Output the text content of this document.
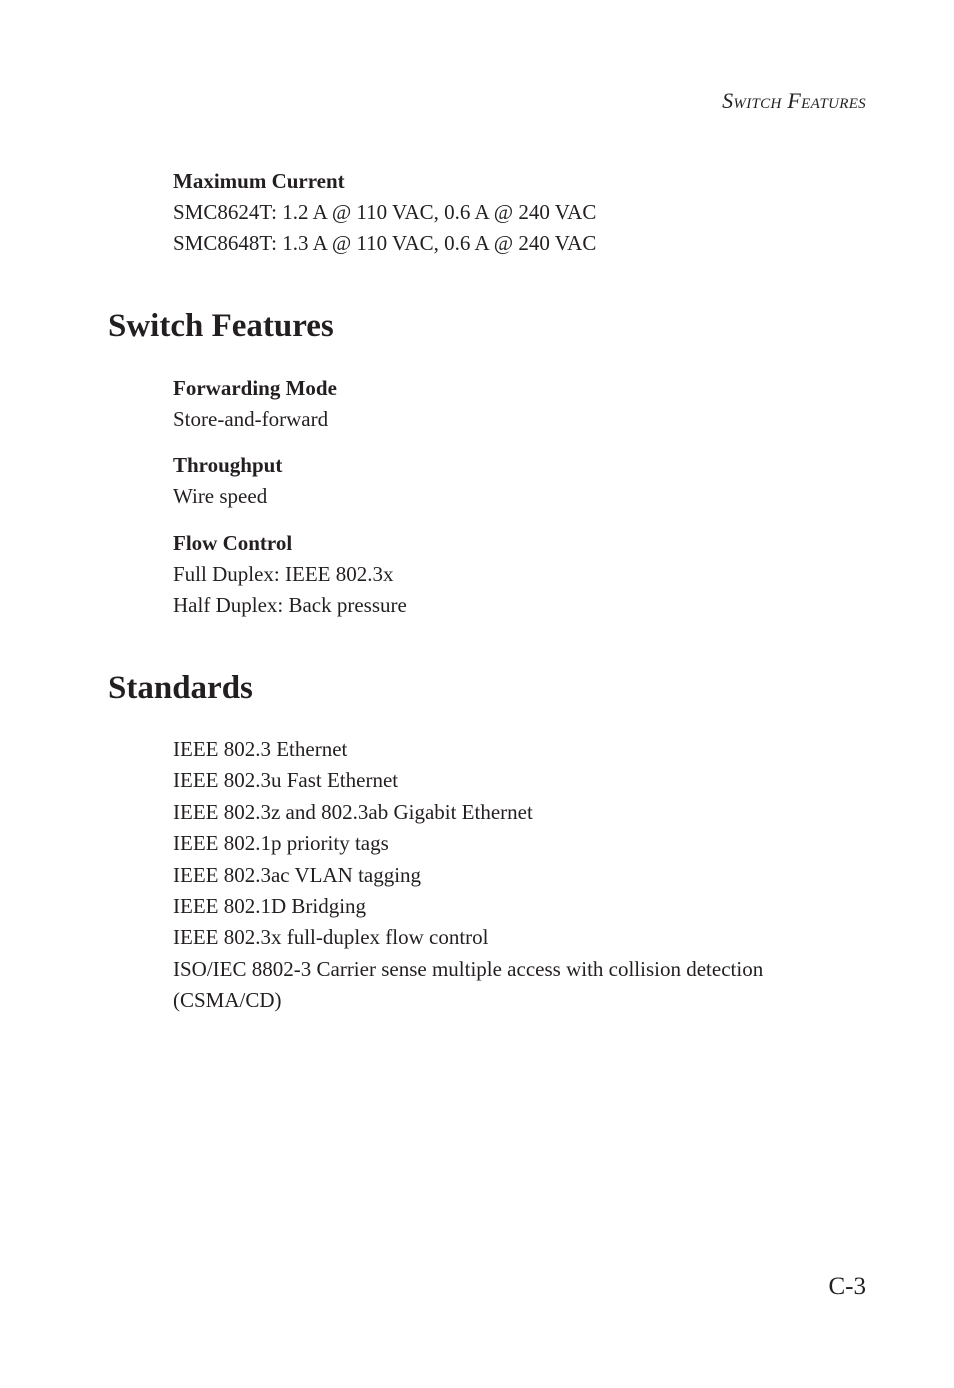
Switch Features
Maximum Current
SMC8624T: 1.2 A @ 110 VAC, 0.6 A @ 240 VAC
SMC8648T: 1.3 A @ 110 VAC, 0.6 A @ 240 VAC
Switch Features
Forwarding Mode
Store-and-forward
Throughput
Wire speed
Flow Control
Full Duplex: IEEE 802.3x
Half Duplex: Back pressure
Standards
IEEE 802.3 Ethernet
IEEE 802.3u Fast Ethernet
IEEE 802.3z and 802.3ab Gigabit Ethernet
IEEE 802.1p priority tags
IEEE 802.3ac VLAN tagging
IEEE 802.1D Bridging
IEEE 802.3x full-duplex flow control
ISO/IEC 8802-3 Carrier sense multiple access with collision detection
(CSMA/CD)
C-3
